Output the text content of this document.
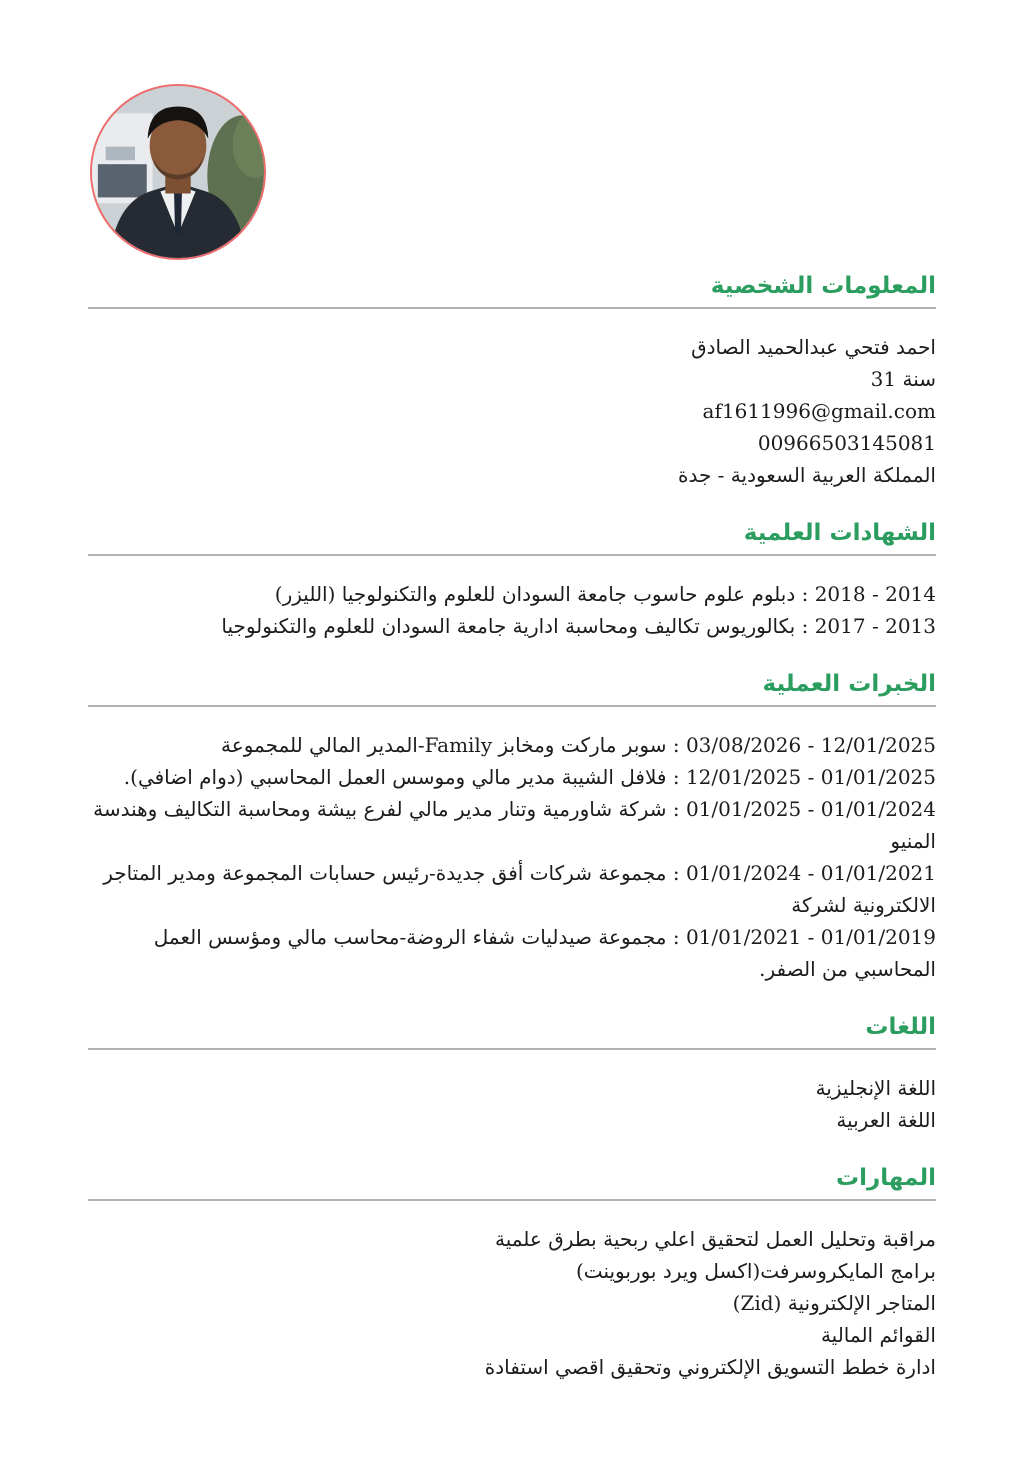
المعلومات الشخصية

احمد فتحي عبدالحميد الصادق

سنة 31

af1611996@gmail.com

00966503145081

المملكة العربية السعودية - جدة

الشهادات العلمية

2014 - 2018 : دبلوم علوم حاسوب جامعة السودان للعلوم والتكنولوجيا (الليزر)

2013 - 2017 : بكالوريوس تكاليف ومحاسبة ادارية جامعة السودان للعلوم والتكنولوجيا

الخبرات العملية

12/01/2025 - 03/08/2026 : سوبر ماركت ومخابز Family-المدير المالي للمجموعة

01/01/2025 - 12/01/2025 : فلافل الشيبة مدير مالي وموسس العمل المحاسبي (دوام اضافي).

01/01/2024 - 01/01/2025 : شركة شاورمية وتنار مدير مالي لفرع بيشة ومحاسبة التكاليف وهندسة المنيو

01/01/2021 - 01/01/2024 : مجموعة شركات أفق جديدة-رئيس حسابات المجموعة ومدير المتاجر الالكترونية لشركة

01/01/2019 - 01/01/2021 : مجموعة صيدليات شفاء الروضة-محاسب مالي ومؤسس العمل المحاسبي من الصفر.

اللغات

اللغة الإنجليزية

اللغة العربية

المهارات

مراقبة وتحليل العمل لتحقيق اعلي ربحية بطرق علمية

برامج المايكروسرفت(اكسل ويرد بوربوينت)

المتاجر الإلكترونية (Zid)

القوائم المالية

ادارة خطط التسويق الإلكتروني وتحقيق اقصي استفادة
